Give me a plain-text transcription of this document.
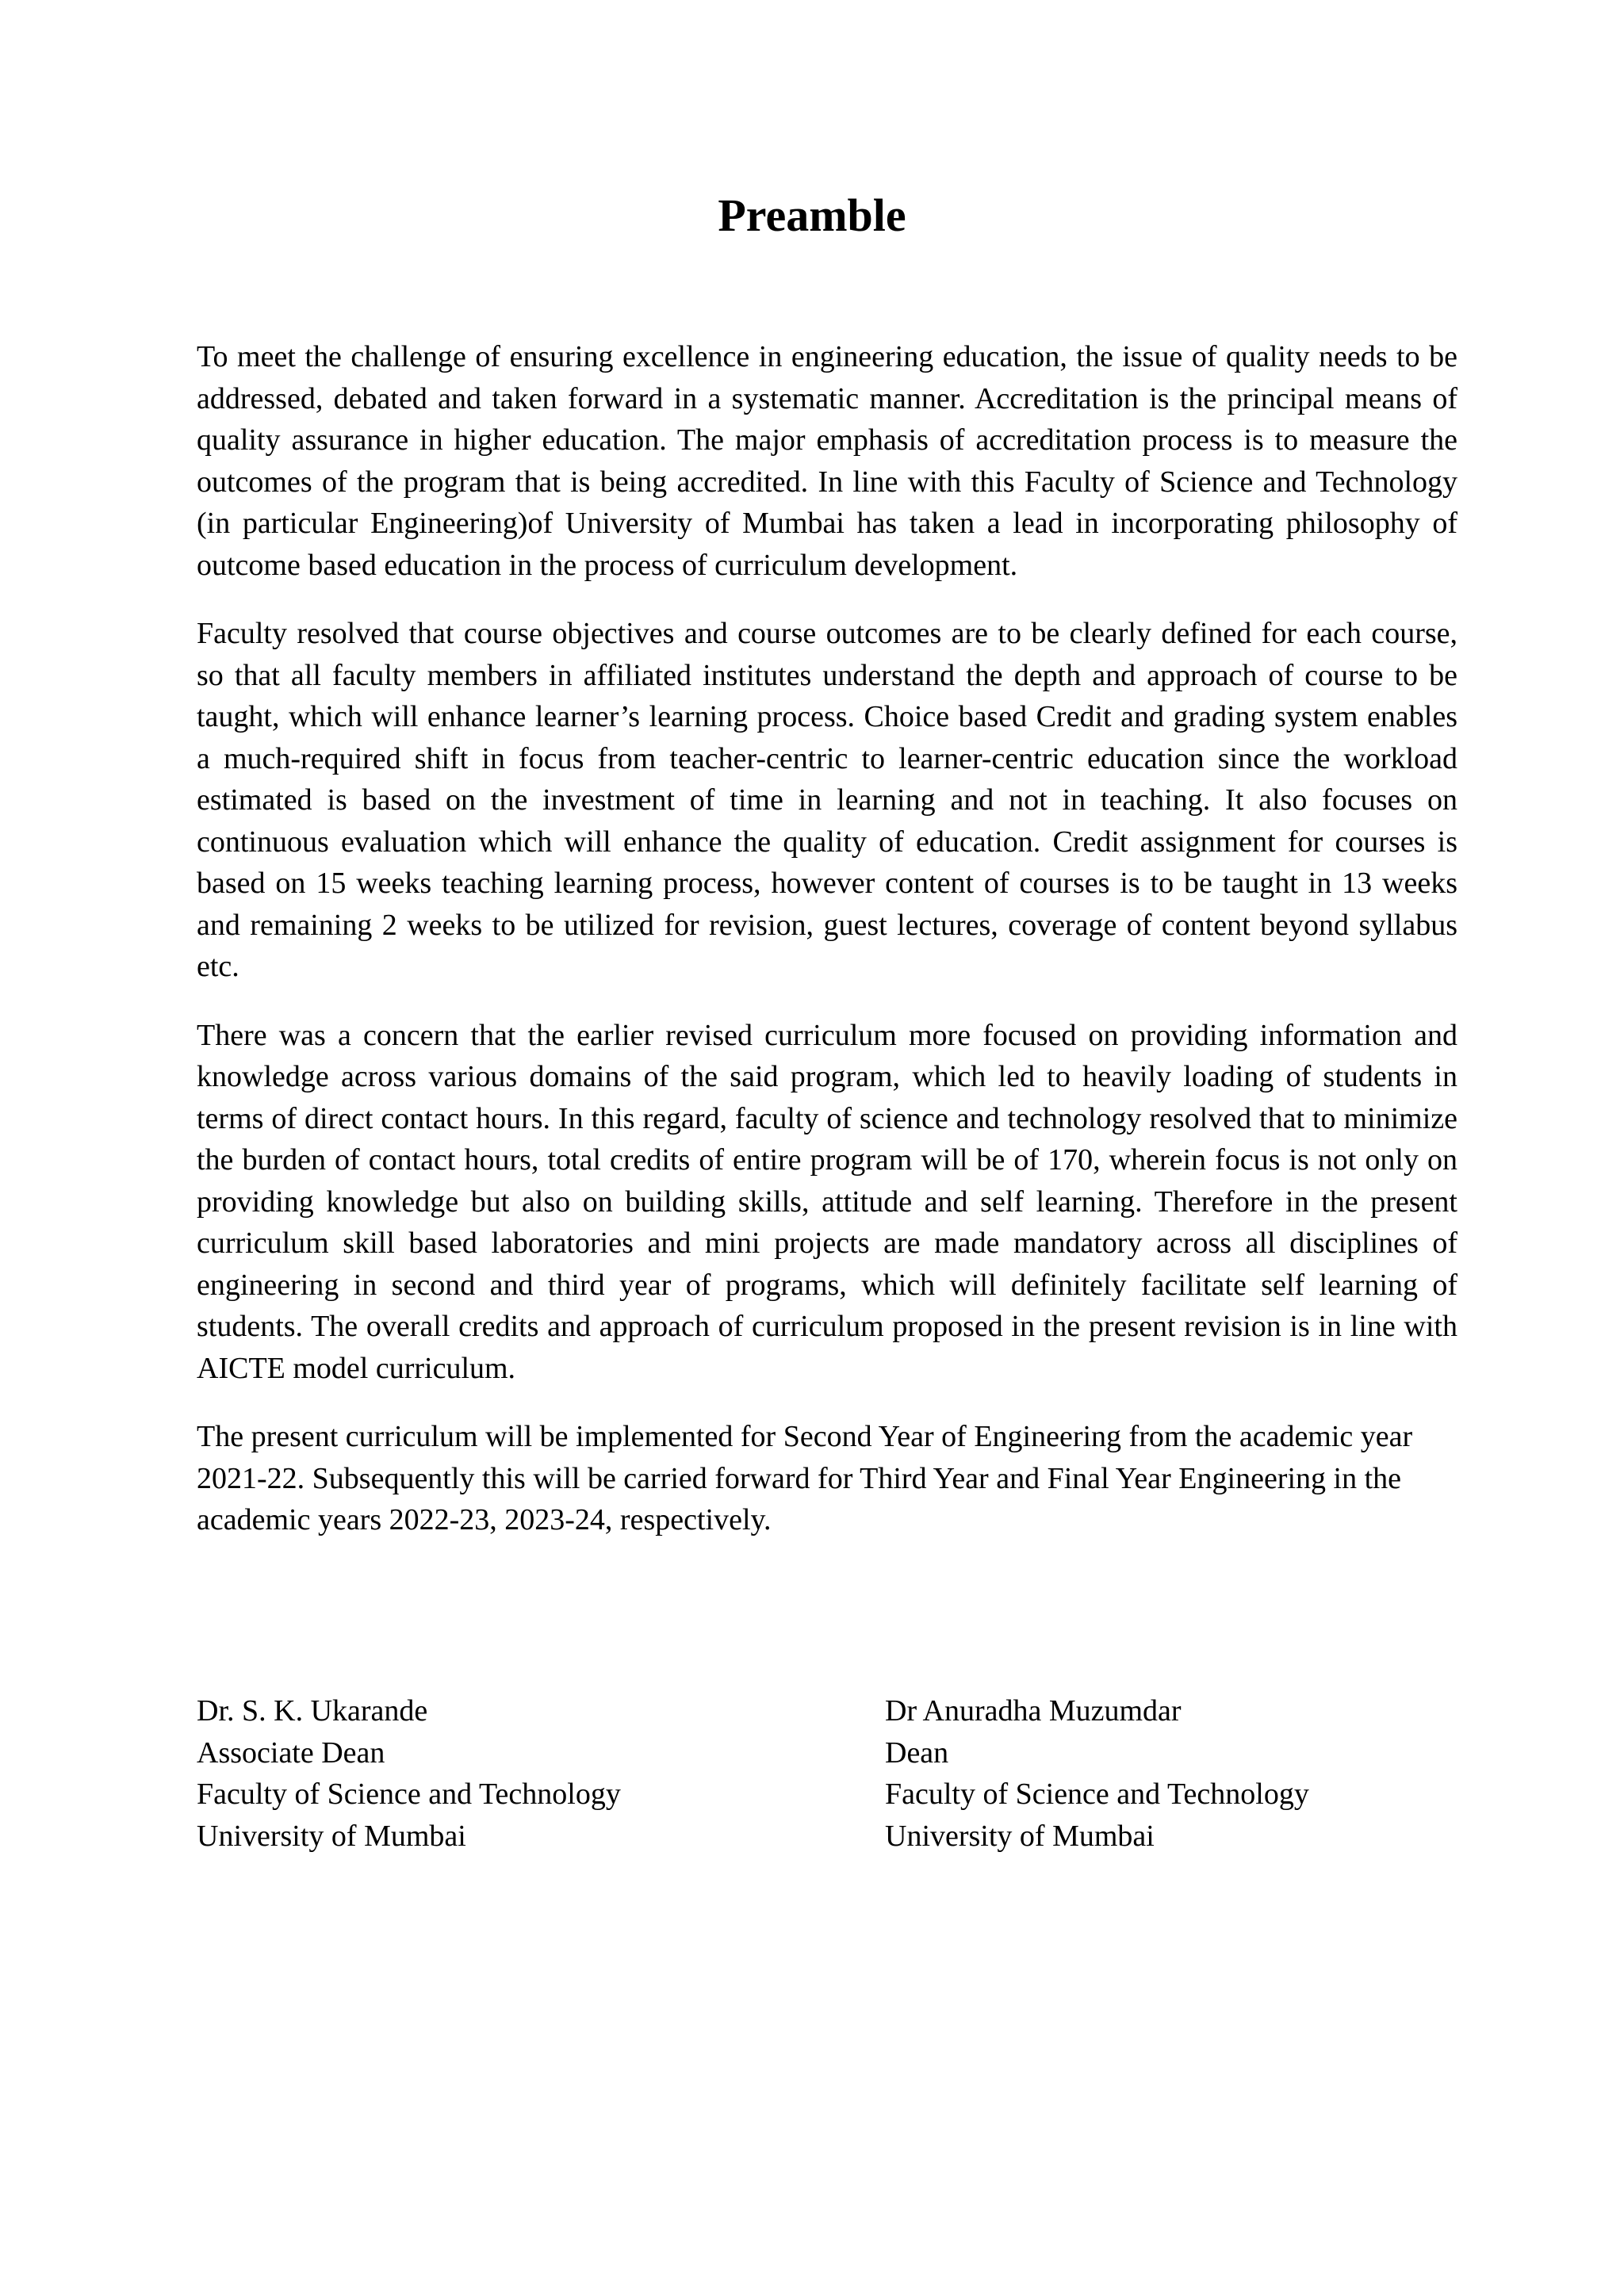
Preamble

To meet the challenge of ensuring excellence in engineering education, the issue of quality needs to be addressed, debated and taken forward in a systematic manner. Accreditation is the principal means of quality assurance in higher education. The major emphasis of accreditation process is to measure the outcomes of the program that is being accredited. In line with this Faculty of Science and Technology (in particular Engineering)of University of Mumbai has taken a lead in incorporating philosophy of outcome based education in the process of curriculum development.

Faculty resolved that course objectives and course outcomes are to be clearly defined for each course, so that all faculty members in affiliated institutes understand the depth and approach of course to be taught, which will enhance learner’s learning process. Choice based Credit and grading system enables a much-required shift in focus from teacher-centric to learner-centric education since the workload estimated is based on the investment of time in learning and not in teaching. It also focuses on continuous evaluation which will enhance the quality of education. Credit assignment for courses is based on 15 weeks teaching learning process, however content of courses is to be taught in 13 weeks and remaining 2 weeks to be utilized for revision, guest lectures, coverage of content beyond syllabus etc.

There was a concern that the earlier revised curriculum more focused on providing information and knowledge across various domains of the said program, which led to heavily loading of students in terms of direct contact hours. In this regard, faculty of science and technology resolved that to minimize the burden of contact hours, total credits of entire program will be of 170, wherein focus is not only on providing knowledge but also on building skills, attitude and self learning. Therefore in the present curriculum skill based laboratories and mini projects are made mandatory across all disciplines of engineering in second and third year of programs, which will definitely facilitate self learning of students. The overall credits and approach of curriculum proposed in the present revision is in line with AICTE model curriculum.

The present curriculum will be implemented for Second Year of Engineering from the academic year 2021-22. Subsequently this will be carried forward for Third Year and Final Year Engineering in the academic years 2022-23, 2023-24, respectively.

Dr. S. K. Ukarande
Associate Dean
Faculty of Science and Technology
University of Mumbai
Dr Anuradha Muzumdar
Dean
Faculty of Science and Technology
University of Mumbai
